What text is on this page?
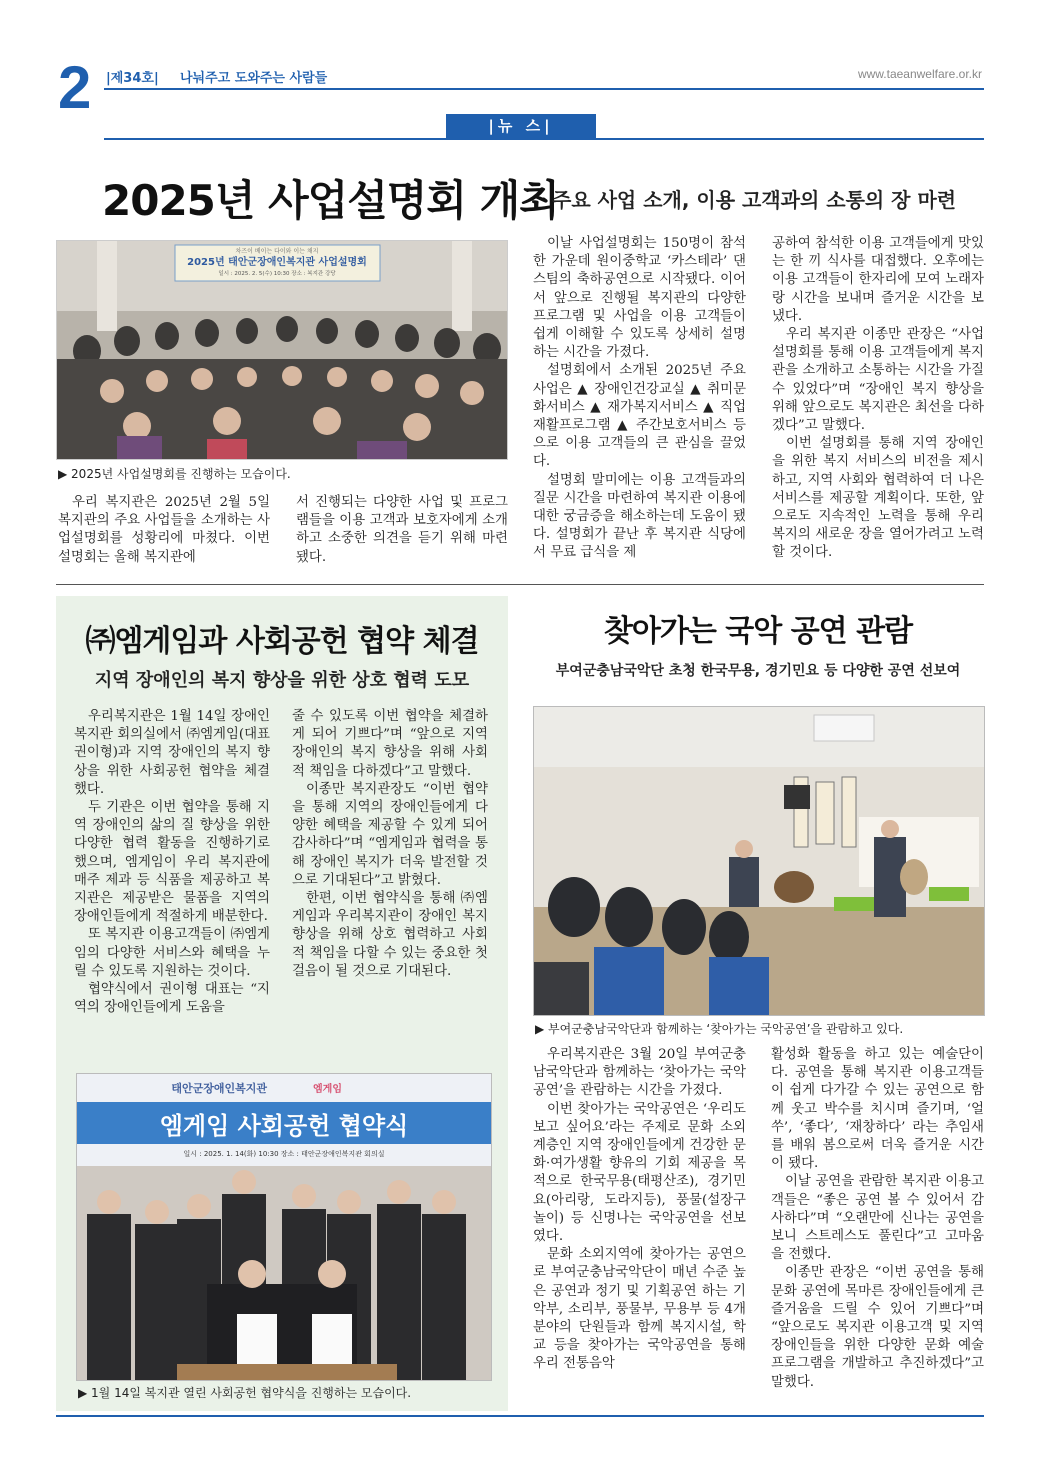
2 |제34호| 나눠주고 도와주는 사람들	www.taeanwelfare.or.kr
|뉴 스|
2025년 사업설명회 개최
주요 사업 소개, 이용 고객과의 소통의 장 마련
차즈이 베이는 다이와 이는 채지
2025년 태안군장애인복지관 사업설명회
일시 : 2025. 2. 5(수) 10:30 장소 : 복지관 강당
▶ 2025년 사업설명회를 진행하는 모습이다.

우리 복지관은 2025년 2월 5일 복지관의 주요 사업들을 소개하는 사업설명회를 성황리에 마쳤다. 이번 설명회는 올해 복지관에

서 진행되는 다양한 사업 및 프로그램들을 이용 고객과 보호자에게 소개하고 소중한 의견을 듣기 위해 마련됐다.

이날 사업설명회는 150명이 참석한 가운데 원이중학교 ‘카스테라’ 댄스팀의 축하공연으로 시작됐다. 이어서 앞으로 진행될 복지관의 다양한 프로그램 및 사업을 이용 고객들이 쉽게 이해할 수 있도록 상세히 설명하는 시간을 가졌다.

설명회에서 소개된 2025년 주요 사업은 ▲ 장애인건강교실 ▲ 취미문화서비스 ▲ 재가복지서비스 ▲ 직업재활프로그램 ▲ 주간보호서비스 등으로 이용 고객들의 큰 관심을 끌었다.

설명회 말미에는 이용 고객들과의 질문 시간을 마련하여 복지관 이용에 대한 궁금증을 해소하는데 도움이 됐다. 설명회가 끝난 후 복지관 식당에서 무료 급식을 제

공하여 참석한 이용 고객들에게 맛있는 한 끼 식사를 대접했다. 오후에는 이용 고객들이 한자리에 모여 노래자랑 시간을 보내며 즐거운 시간을 보냈다.

우리 복지관 이종만 관장은 “사업설명회를 통해 이용 고객들에게 복지관을 소개하고 소통하는 시간을 가질 수 있었다”며 “장애인 복지 향상을 위해 앞으로도 복지관은 최선을 다하겠다”고 말했다.

이번 설명회를 통해 지역 장애인을 위한 복지 서비스의 비전을 제시하고, 지역 사회와 협력하여 더 나은 서비스를 제공할 계획이다. 또한, 앞으로도 지속적인 노력을 통해 우리 복지의 새로운 장을 열어가려고 노력할 것이다.

㈜엠게임과 사회공헌 협약 체결
지역 장애인의 복지 향상을 위한 상호 협력 도모

우리복지관은 1월 14일 장애인복지관 회의실에서 ㈜엠게임(대표 권이형)과 지역 장애인의 복지 향상을 위한 사회공헌 협약을 체결했다.

두 기관은 이번 협약을 통해 지역 장애인의 삶의 질 향상을 위한 다양한 협력 활동을 진행하기로 했으며, 엠게임이 우리 복지관에 매주 제과 등 식품을 제공하고 복지관은 제공받은 물품을 지역의 장애인들에게 적절하게 배분한다.

또 복지관 이용고객들이 ㈜엠게임의 다양한 서비스와 혜택을 누릴 수 있도록 지원하는 것이다.

협약식에서 권이형 대표는 “지역의 장애인들에게 도움을

줄 수 있도록 이번 협약을 체결하게 되어 기쁘다”며 “앞으로 지역 장애인의 복지 향상을 위해 사회적 책임을 다하겠다”고 말했다.

이종만 복지관장도 “이번 협약을 통해 지역의 장애인들에게 다양한 혜택을 제공할 수 있게 되어 감사하다”며 “엠게임과 협력을 통해 장애인 복지가 더욱 발전할 것으로 기대된다”고 밝혔다.

한편, 이번 협약식을 통해 ㈜엠게임과 우리복지관이 장애인 복지 향상을 위해 상호 협력하고 사회적 책임을 다할 수 있는 중요한 첫걸음이 될 것으로 기대된다.

태안군장애인복지관	엠게임
엠게임 사회공헌 협약식
일시 : 2025. 1. 14(화) 10:30 장소 : 태안군장애인복지관 회의실
▶ 1월 14일 복지관 열린 사회공헌 협약식을 진행하는 모습이다.
찾아가는 국악 공연 관람
부여군충남국악단 초청 한국무용, 경기민요 등 다양한 공연 선보여
▶ 부여군충남국악단과 함께하는 ‘찾아가는 국악공연’을 관람하고 있다.

우리복지관은 3월 20일 부여군충남국악단과 함께하는 ‘찾아가는 국악 공연’을 관람하는 시간을 가졌다.

이번 찾아가는 국악공연은 ‘우리도 보고 싶어요’라는 주제로 문화 소외계층인 지역 장애인들에게 건강한 문화·여가생활 향유의 기회 제공을 목적으로 한국무용(태평산조), 경기민요(아리랑, 도라지등), 풍물(설장구 놀이) 등 신명나는 국악공연을 선보였다.

문화 소외지역에 찾아가는 공연으로 부여군충남국악단이 매년 수준 높은 공연과 정기 및 기획공연 하는 기악부, 소리부, 풍물부, 무용부 등 4개 분야의 단원들과 함께 복지시설, 학교 등을 찾아가는 국악공연을 통해 우리 전통음악

활성화 활동을 하고 있는 예술단이다. 공연을 통해 복지관 이용고객들이 쉽게 다가갈 수 있는 공연으로 함께 웃고 박수를 치시며 즐기며, ‘얼쑤’, ‘좋다’, ‘재창하다’ 라는 추임새를 배워 봄으로써 더욱 즐거운 시간이 됐다.

이날 공연을 관람한 복지관 이용고객들은 “좋은 공연 볼 수 있어서 감사하다”며 “오랜만에 신나는 공연을 보니 스트레스도 풀린다”고 고마움을 전했다.

이종만 관장은 “이번 공연을 통해 문화 공연에 목마른 장애인들에게 큰 즐거움을 드릴 수 있어 기쁘다”며 “앞으로도 복지관 이용고객 및 지역 장애인들을 위한 다양한 문화 예술 프로그램을 개발하고 추진하겠다”고 말했다.
